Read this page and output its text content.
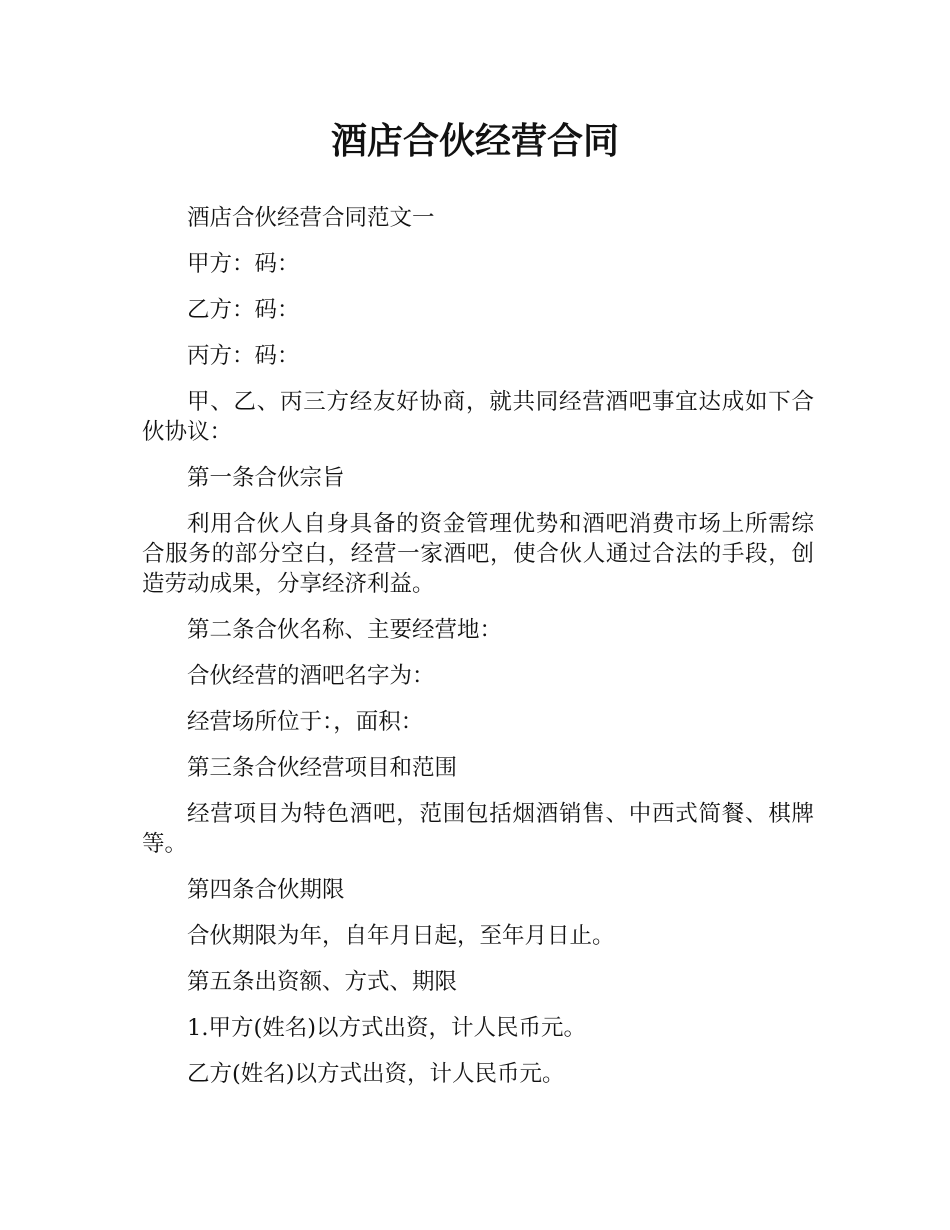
酒店合伙经营合同

酒店合伙经营合同范文一

甲方：码：

乙方：码：

丙方：码：

甲、乙、丙三方经友好协商，就共同经营酒吧事宜达成如下合伙协议：

第一条合伙宗旨

利用合伙人自身具备的资金管理优势和酒吧消费市场上所需综合服务的部分空白，经营一家酒吧，使合伙人通过合法的手段，创造劳动成果，分享经济利益。

第二条合伙名称、主要经营地：

合伙经营的酒吧名字为：

经营场所位于：，面积：

第三条合伙经营项目和范围

经营项目为特色酒吧，范围包括烟酒销售、中西式简餐、棋牌等。

第四条合伙期限

合伙期限为年，自年月日起，至年月日止。

第五条出资额、方式、期限

1.甲方(姓名)以方式出资，计人民币元。

乙方(姓名)以方式出资，计人民币元。
